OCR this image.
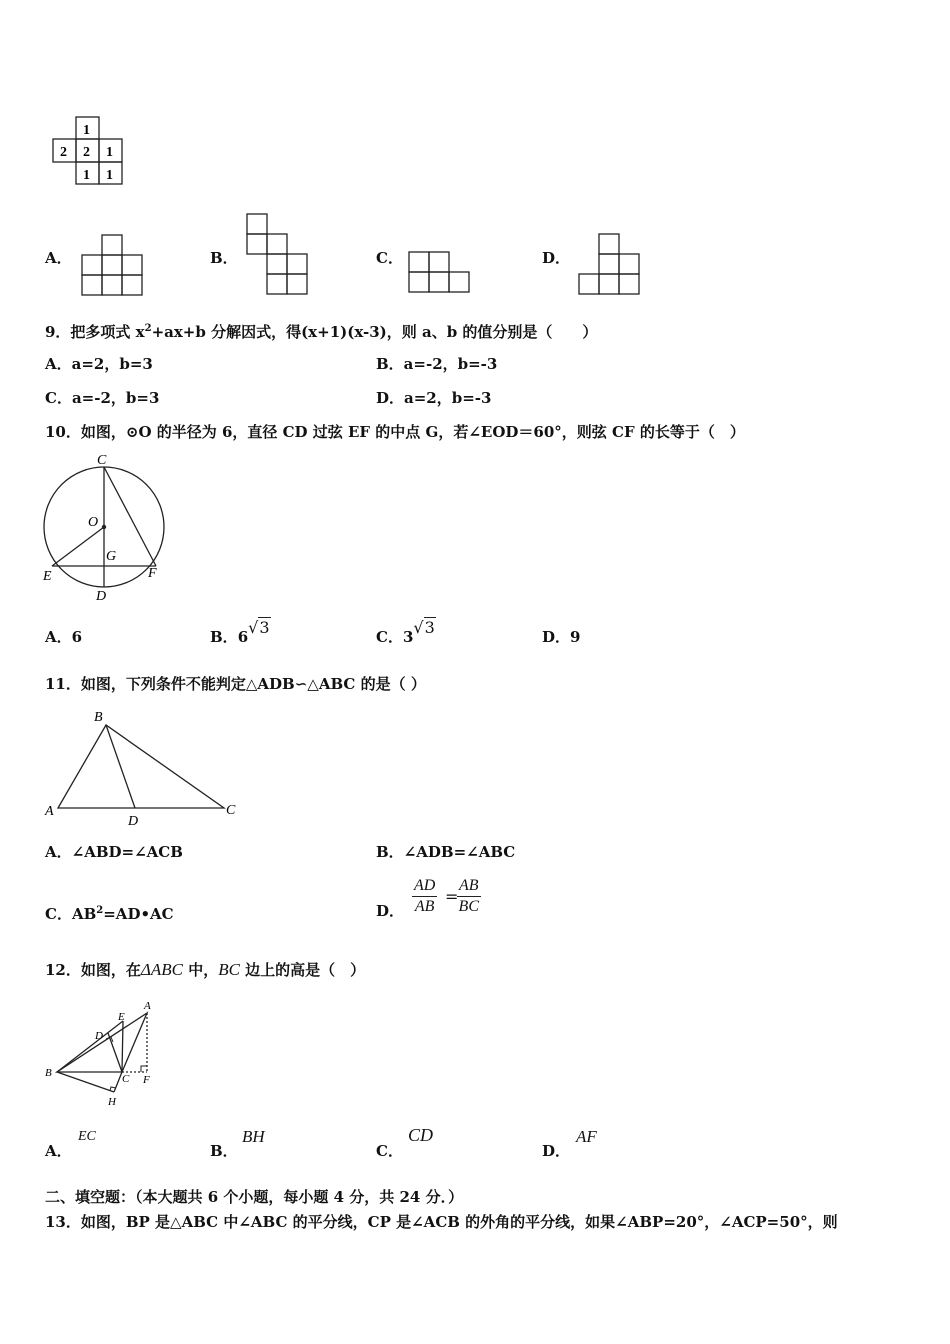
1
2 2 1
1 1
A．	B．	C．	D．
9．把多项式 $x^2+ax+b$ 分解因式，得(x+1)(x-3)，则 a、b 的值分别是（　　）
A．a=2，b=3	B．a=-2，b=-3
C．a=-2，b=3	D．a=2，b=-3
10．如图，⊙O 的半径为 6，直径 CD 过弦 EF 的中点 G，若∠EOD＝60°，则弦 CF 的长等于（　）
C
O
G
E	F
D
A．6	B．6√3	C．3√3	D．9
11．如图，下列条件不能判定△ADB∽△ABC 的是（ ）
B
A
D
C
A．∠ABD=∠ACB	B．∠ADB=∠ABC
C．$AB^2=AD•AC$	D． $\frac{AD}{AB}$ =
$\frac{AB}{BC}$
12．如图，在ΔABC 中，BC 边上的高是（　）
A
E
D
B	C F
H
A．
EC
B．
BH
C．
CD
D．
AF
二、填空题：（本大题共 6 个小题，每小题 4 分，共 24 分．）
13．如图，BP 是△ABC 中∠ABC 的平分线，CP 是∠ACB 的外角的平分线，如果∠ABP=20°，∠ACP=50°，则
